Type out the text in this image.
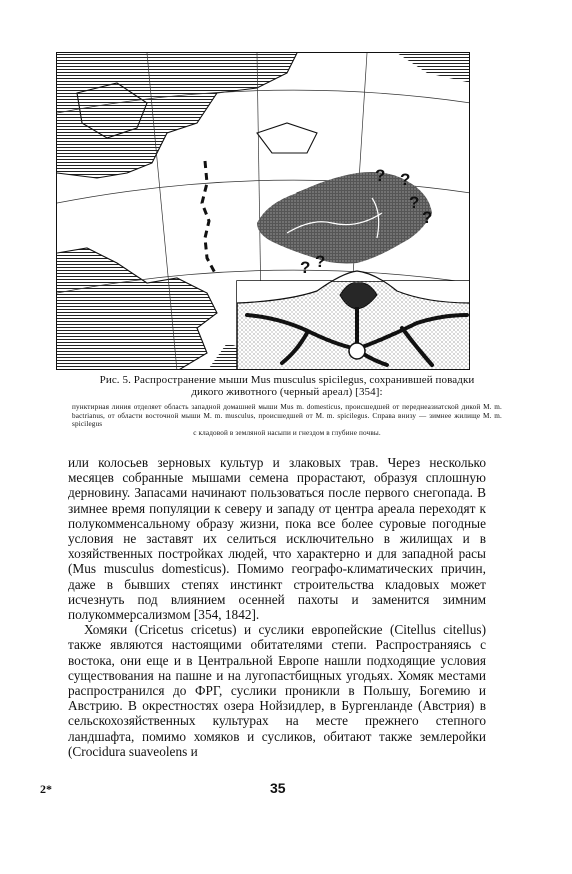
? ?
?
?
? ?
Рис. 5. Распространение мыши Mus musculus spicilegus, сохранившей повадки
дикого животного (черный ареал) [354]:
пунктирная линия отделяет область западной домашней мыши Mus m. domesticus, происшедшей от переднеазиатской дикой M. m. bactrianus, от области восточной мыши M. m. musculus, происшедшей от M. m. spicilegus. Справа внизу — зимнее жилище M. m. spicilegus
с кладовой в земляной насыпи и гнездом в глубине почвы.

или колосьев зерновых культур и злаковых трав. Через несколько месяцев собранные мышами семена прорастают, образуя сплошную дерновину. Запасами начинают пользоваться после первого снегопада. В зимнее время популяции к северу и западу от центра ареала переходят к полукомменсальному образу жизни, пока все более суровые погодные условия не заставят их селиться исключительно в жилищах и в хозяйственных постройках людей, что характерно и для западной расы (Mus musculus domesticus). Помимо географо-климатических причин, даже в бывших степях инстинкт строительства кладовых может исчезнуть под влиянием осенней пахоты и заменится зимним полукоммерсализмом [354, 1842].

Хомяки (Cricetus cricetus) и суслики европейские (Citellus citellus) также являются настоящими обитателями степи. Распространяясь с востока, они еще и в Центральной Европе нашли подходящие условия существования на пашне и на лугопастбищных угодьях. Хомяк местами распространился до ФРГ, суслики проникли в Польшу, Богемию и Австрию. В окрестностях озера Нойзидлер, в Бургенланде (Австрия) в сельскохозяйственных культурах на месте прежнего степного ландшафта, помимо хомяков и сусликов, обитают также землеройки (Crocidura suaveolens и

2*	35
